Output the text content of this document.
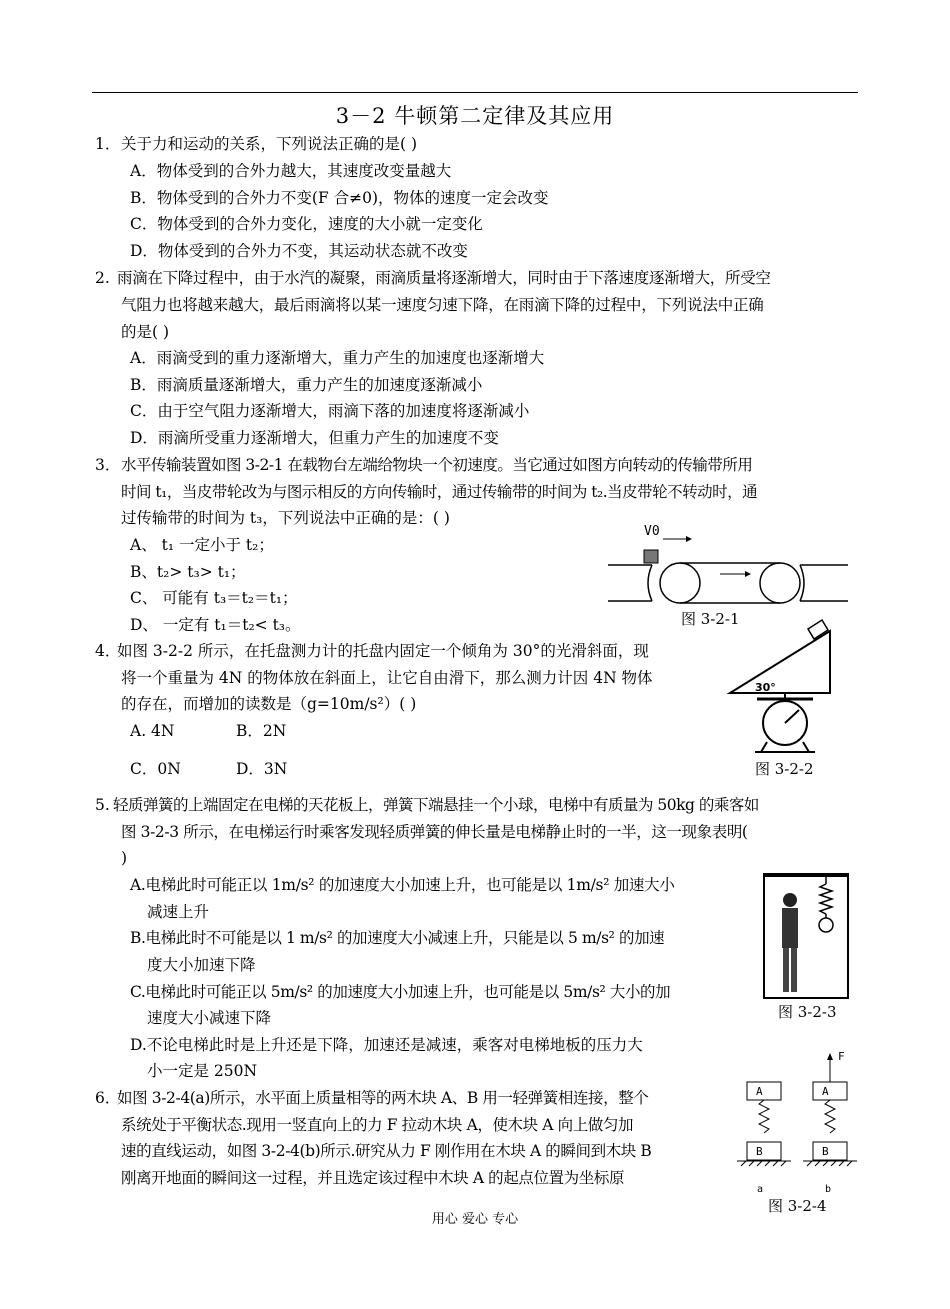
3－2 牛顿第二定律及其应用
1． 关于力和运动的关系，下列说法正确的是( )
A．物体受到的合外力越大，其速度改变量越大
B．物体受到的合外力不变(F 合≠0)，物体的速度一定会改变
C．物体受到的合外力变化，速度的大小就一定变化
D．物体受到的合外力不变，其运动状态就不改变
2. 雨滴在下降过程中，由于水汽的凝聚，雨滴质量将逐渐增大，同时由于下落速度逐渐增大，所受空
气阻力也将越来越大，最后雨滴将以某一速度匀速下降，在雨滴下降的过程中，下列说法中正确
的是( )
A．雨滴受到的重力逐渐增大，重力产生的加速度也逐渐增大
B．雨滴质量逐渐增大，重力产生的加速度逐渐减小
C．由于空气阻力逐渐增大，雨滴下落的加速度将逐渐减小
D．雨滴所受重力逐渐增大，但重力产生的加速度不变
3． 水平传输装置如图 3-2-1 在载物台左端给物块一个初速度。当它通过如图方向转动的传输带所用
时间 t₁，当皮带轮改为与图示相反的方向传输时，通过传输带的时间为 t₂.当皮带轮不转动时，通
过传输带的时间为 t₃，下列说法中正确的是：( )
A、 t₁ 一定小于 t₂；
B、t₂> t₃> t₁；
C、 可能有 t₃＝t₂＝t₁；
D、 一定有 t₁＝t₂< t₃。
V0
图 3-2-1
4．
如图 3-2-2 所示，在托盘测力计的托盘内固定一个倾角为 30°的光滑斜面，现
将一个重量为 4N 的物体放在斜面上，让它自由滑下，那么测力计因 4N 物体
的存在，而增加的读数是（g=10m/s²）( )
A. 4N	B．2N
C．0N	D．3N
30°
图 3-2-2
5. 轻质弹簧的上端固定在电梯的天花板上，弹簧下端悬挂一个小球，电梯中有质量为 50kg 的乘客如
图 3-2-3 所示，在电梯运行时乘客发现轻质弹簧的伸长量是电梯静止时的一半，这一现象表明(
)
A.电梯此时可能正以 1m/s² 的加速度大小加速上升，也可能是以 1m/s² 加速大小
减速上升
B.电梯此时不可能是以 1 m/s² 的加速度大小减速上升，只能是以 5 m/s² 的加速
度大小加速下降
C.电梯此时可能正以 5m/s² 的加速度大小加速上升，也可能是以 5m/s² 大小的加
速度大小减速下降
D.不论电梯此时是上升还是下降，加速还是减速，乘客对电梯地板的压力大
小一定是 250N
图 3-2-3
6．
如图 3-2-4(a)所示，水平面上质量相等的两木块 A、B 用一轻弹簧相连接，整个
系统处于平衡状态.现用一竖直向上的力 F 拉动木块 A，使木块 A 向上做匀加
速的直线运动，如图 3-2-4(b)所示.研究从力 F 刚作用在木块 A 的瞬间到木块 B
刚离开地面的瞬间这一过程，并且选定该过程中木块 A 的起点位置为坐标原
A
B
a
F
A
B
b
图 3-2-4
用心 爱心 专心
